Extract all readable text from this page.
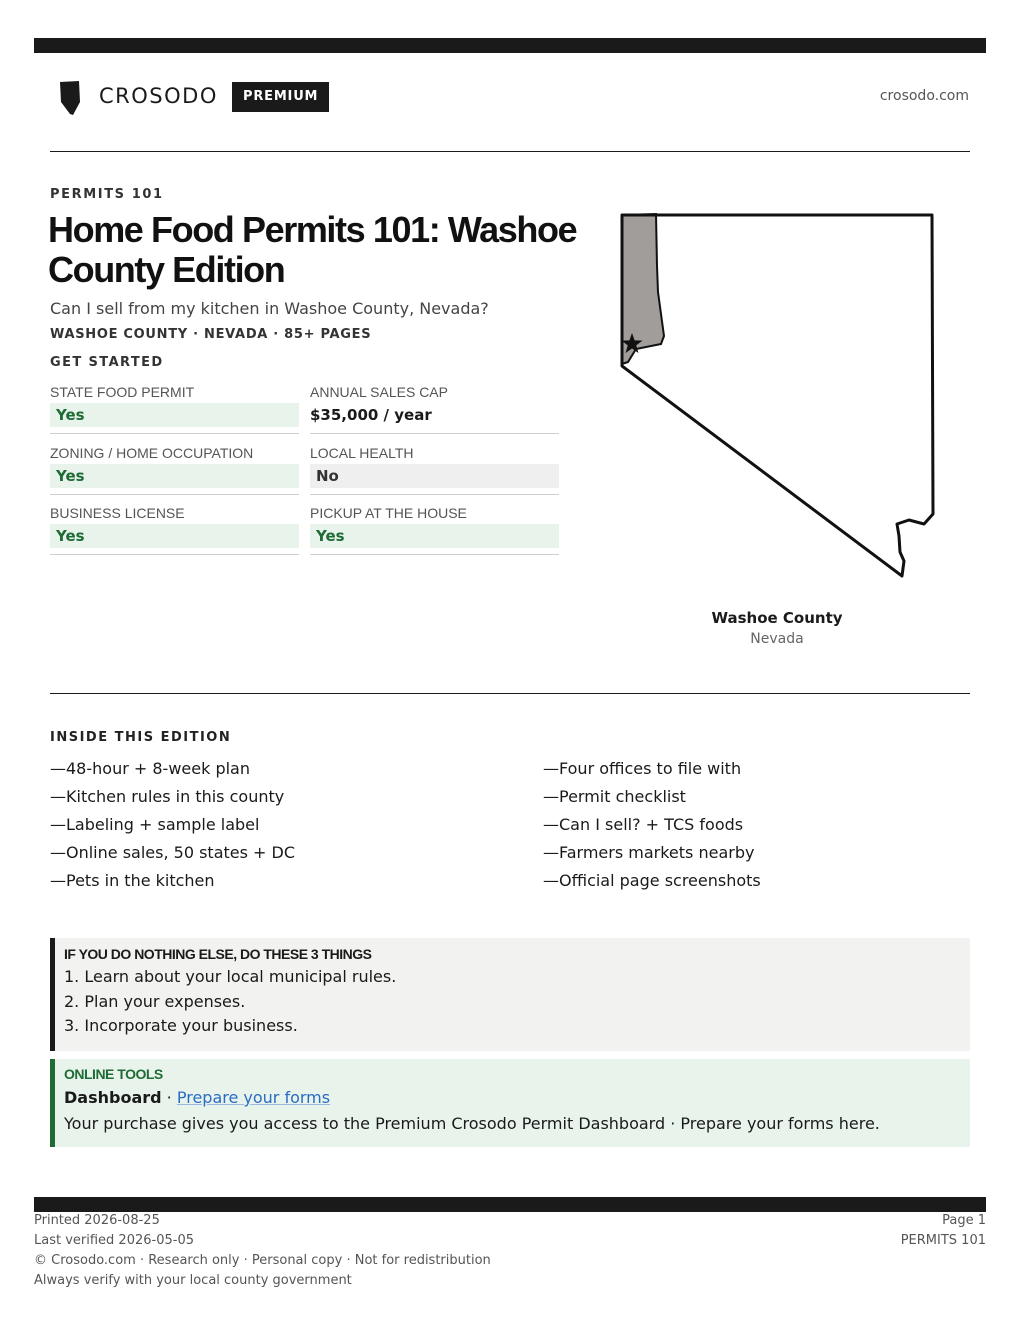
CROSODO	PREMIUM	crosodo.com
PERMITS 101
Home Food Permits 101: Washoe County Edition
Can I sell from my kitchen in Washoe County, Nevada?
WASHOE COUNTY · NEVADA · 85+ PAGES
GET STARTED
STATE FOOD PERMIT
Yes
ANNUAL SALES CAP
$35,000 / year
ZONING / HOME OCCUPATION
Yes
LOCAL HEALTH
No
BUSINESS LICENSE
Yes
PICKUP AT THE HOUSE
Yes
Washoe County
Nevada
INSIDE THIS EDITION
—48-hour + 8-week plan
—Kitchen rules in this county
—Labeling + sample label
—Online sales, 50 states + DC
—Pets in the kitchen
—Four offices to file with
—Permit checklist
—Can I sell? + TCS foods
—Farmers markets nearby
—Official page screenshots
IF YOU DO NOTHING ELSE, DO THESE 3 THINGS
1. Learn about your local municipal rules.
2. Plan your expenses.
3. Incorporate your business.
ONLINE TOOLS
Dashboard · Prepare your forms
Your purchase gives you access to the Premium Crosodo Permit Dashboard · Prepare your forms here.
Printed 2026-08-25
Last verified 2026-05-05
© Crosodo.com · Research only · Personal copy · Not for redistribution
Always verify with your local county government
Page 1
PERMITS 101
